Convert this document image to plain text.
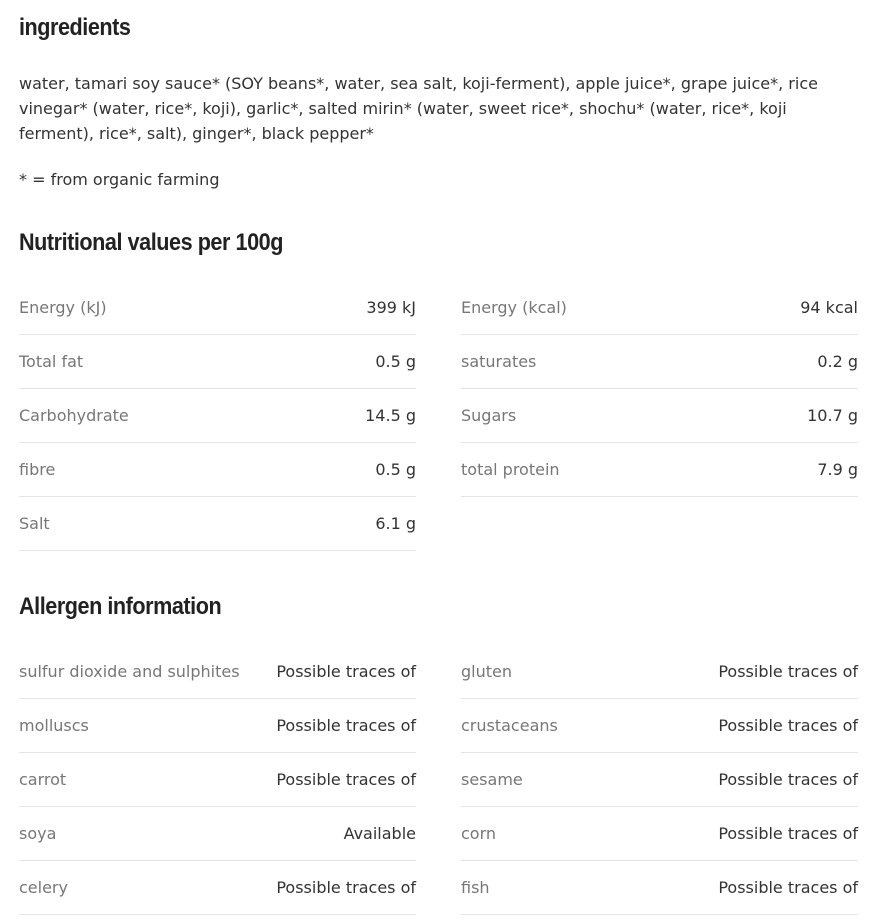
ingredients
water, tamari soy sauce* (SOY beans*, water, sea salt, koji-ferment), apple juice*, grape juice*, rice vinegar* (water, rice*, koji), garlic*, salted mirin* (water, sweet rice*, shochu* (water, rice*, koji ferment), rice*, salt), ginger*, black pepper*
* = from organic farming
Nutritional values per 100g
Energy (kJ)	399 kJ
Total fat	0.5 g
Carbohydrate	14.5 g
fibre	0.5 g
Salt	6.1 g
Energy (kcal)	94 kcal
saturates	0.2 g
Sugars	10.7 g
total protein	7.9 g
Allergen information
sulfur dioxide and sulphites Possible traces of
molluscs	Possible traces of
carrot	Possible traces of
soya	Available
celery	Possible traces of
gluten	Possible traces of
crustaceans	Possible traces of
sesame	Possible traces of
corn	Possible traces of
fish	Possible traces of
